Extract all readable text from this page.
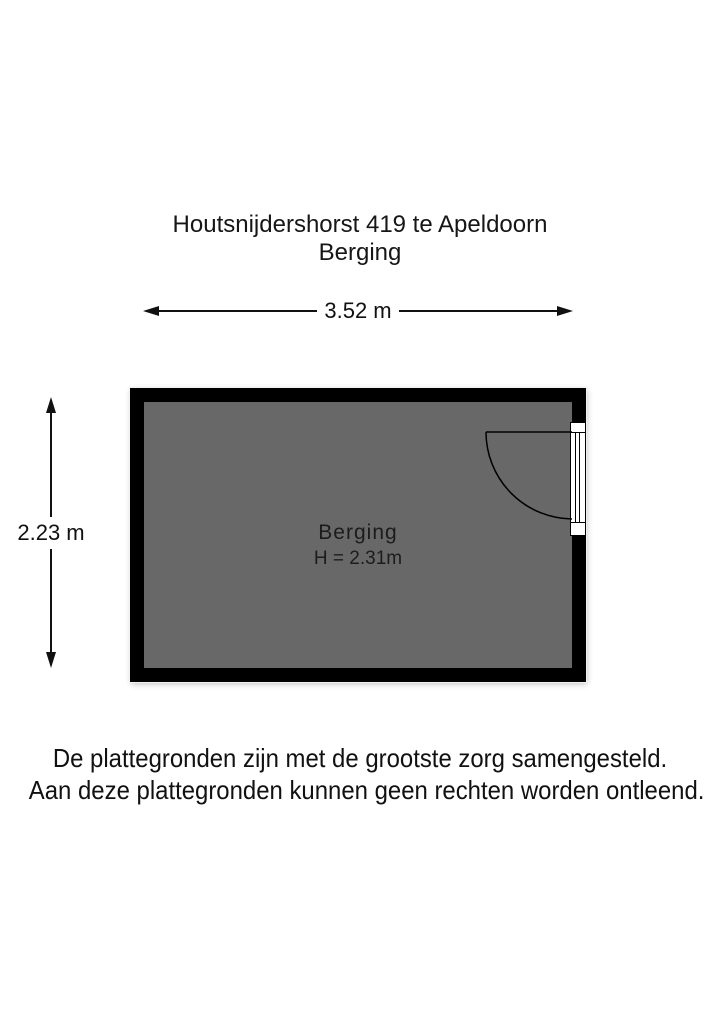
Houtsnijdershorst 419 te Apeldoorn
Berging
3.52 m
2.23 m	Berging
H = 2.31m
De plattegronden zijn met de grootste zorg samengesteld.
Aan deze plattegronden kunnen geen rechten worden ontleend.
